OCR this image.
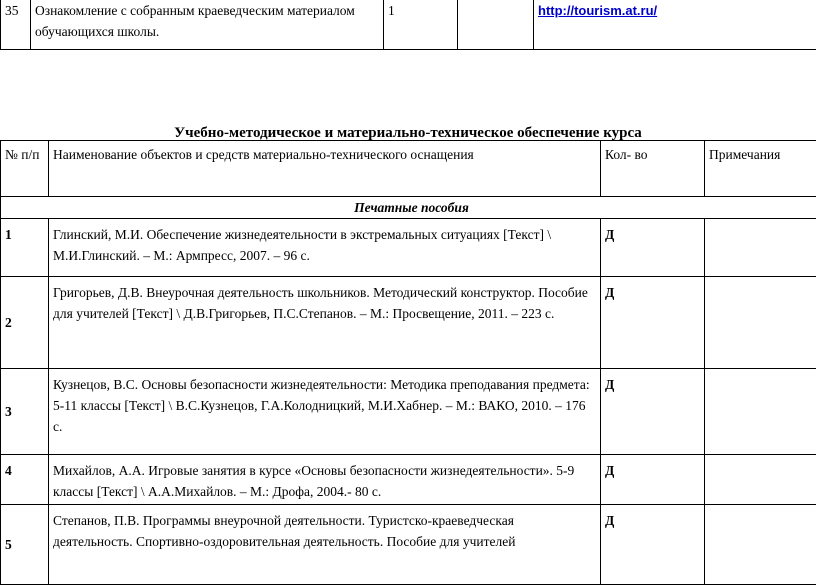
35	Ознакомление с собранным краеведческим материалом обучающихся школы.	1		http://tourism.at.ru/
Учебно-методическое и материально-техническое обеспечение курса
№ п/п	Наименование объектов и средств материально-технического оснащения	Кол- во	Примечания
Печатные пособия			
1	Глинский, М.И. Обеспечение жизнедеятельности в экстремальных ситуациях [Текст] \ М.И.Глинский. – М.: Армпресс, 2007. – 96 с.	Д	
2	Григорьев, Д.В. Внеурочная деятельность школьников. Методический конструктор. Пособие для учителей [Текст] \ Д.В.Григорьев, П.С.Степанов. – М.: Просвещение, 2011. – 223 с.	Д	
3	Кузнецов, В.С. Основы безопасности жизнедеятельности: Методика преподавания предмета: 5-11 классы [Текст] \ В.С.Кузнецов, Г.А.Колодницкий, М.И.Хабнер. – М.: ВАКО, 2010. – 176 с.	Д	
4	Михайлов, А.А. Игровые занятия в курсе «Основы безопасности жизнедеятельности». 5-9 классы [Текст] \ А.А.Михайлов. – М.: Дрофа, 2004.- 80 с.	Д	
5	Степанов, П.В. Программы внеурочной деятельности. Туристско-краеведческая деятельность. Спортивно-оздоровительная деятельность. Пособие для учителей	Д	
